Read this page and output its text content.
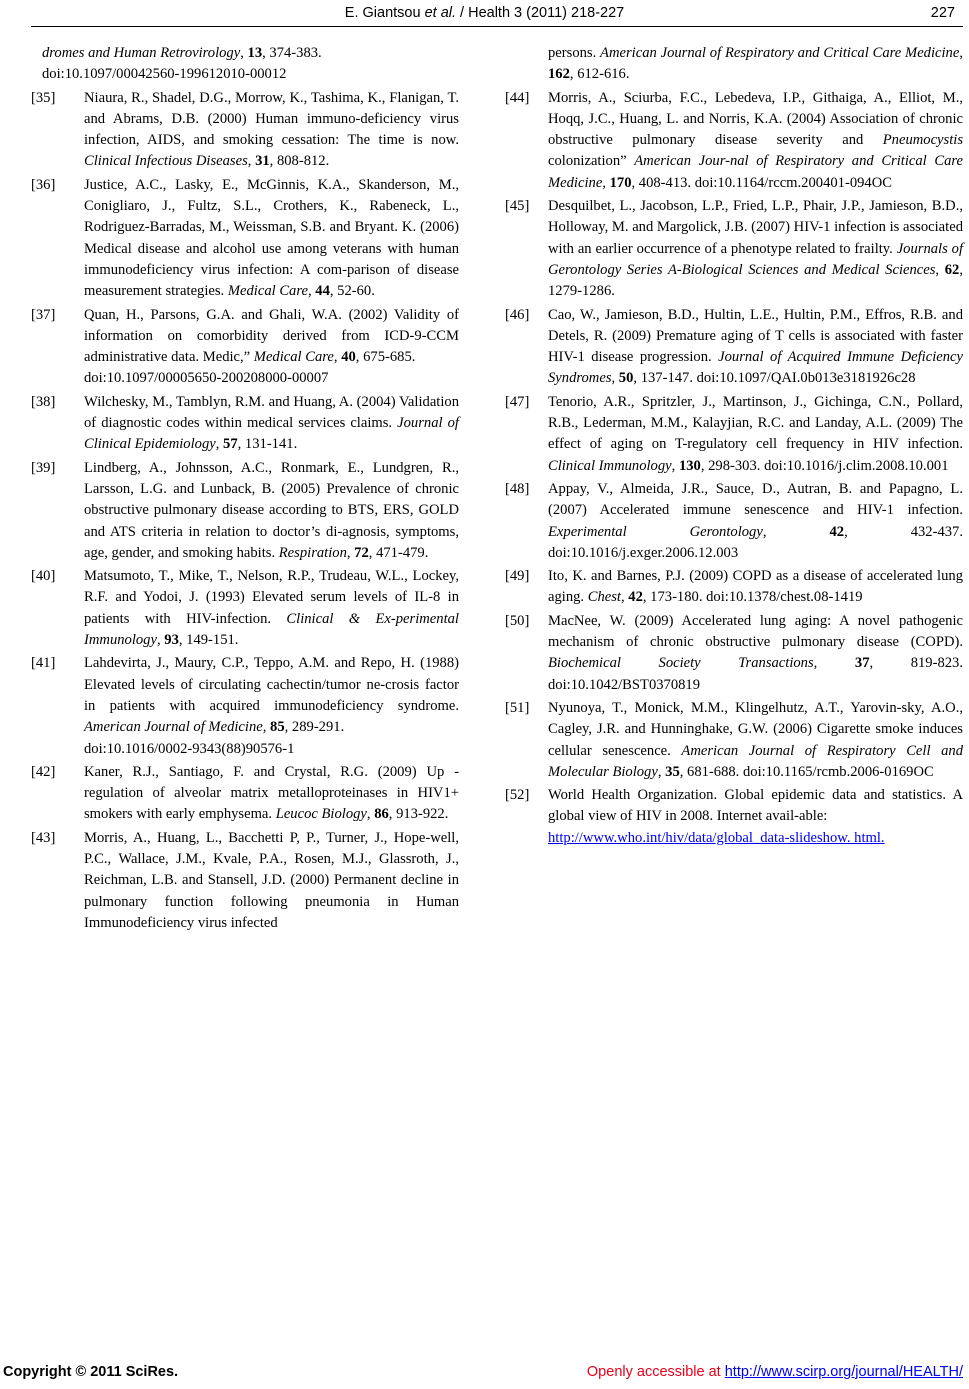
E. Giantsou et al. / Health 3 (2011) 218-227	227
dromes and Human Retrovirology, 13, 374-383.
doi:10.1097/00042560-199612010-00012
[35] Niaura, R., Shadel, D.G., Morrow, K., Tashima, K., Flanigan, T. and Abrams, D.B. (2000) Human immuno-deficiency virus infection, AIDS, and smoking cessation: The time is now. Clinical Infectious Diseases, 31, 808-812.
[36] Justice, A.C., Lasky, E., McGinnis, K.A., Skanderson, M., Conigliaro, J., Fultz, S.L., Crothers, K., Rabeneck, L., Rodriguez-Barradas, M., Weissman, S.B. and Bryant. K. (2006) Medical disease and alcohol use among veterans with human immunodeficiency virus infection: A com-parison of disease measurement strategies. Medical Care, 44, 52-60.
[37] Quan, H., Parsons, G.A. and Ghali, W.A. (2002) Validity of information on comorbidity derived from ICD-9-CCM administrative data. Medic,” Medical Care, 40, 675-685.
doi:10.1097/00005650-200208000-00007
[38] Wilchesky, M., Tamblyn, R.M. and Huang, A. (2004) Validation of diagnostic codes within medical services claims. Journal of Clinical Epidemiology, 57, 131-141.
[39] Lindberg, A., Johnsson, A.C., Ronmark, E., Lundgren, R., Larsson, L.G. and Lunback, B. (2005) Prevalence of chronic obstructive pulmonary disease according to BTS, ERS, GOLD and ATS criteria in relation to doctor’s di-agnosis, symptoms, age, gender, and smoking habits. Respiration, 72, 471-479.
[40] Matsumoto, T., Mike, T., Nelson, R.P., Trudeau, W.L., Lockey, R.F. and Yodoi, J. (1993) Elevated serum levels of IL-8 in patients with HIV-infection. Clinical & Ex-perimental Immunology, 93, 149-151.
[41] Lahdevirta, J., Maury, C.P., Teppo, A.M. and Repo, H. (1988) Elevated levels of circulating cachectin/tumor ne-crosis factor in patients with acquired immunodeficiency syndrome. American Journal of Medicine, 85, 289-291.
doi:10.1016/0002-9343(88)90576-1
[42] Kaner, R.J., Santiago, F. and Crystal, R.G. (2009) Up -regulation of alveolar matrix metalloproteinases in HIV1+ smokers with early emphysema. Leucoc Biology, 86, 913-922.
[43] Morris, A., Huang, L., Bacchetti P, P., Turner, J., Hope-well, P.C., Wallace, J.M., Kvale, P.A., Rosen, M.J., Glassroth, J., Reichman, L.B. and Stansell, J.D. (2000) Permanent decline in pulmonary function following pneumonia in Human Immunodeficiency virus infected
persons. American Journal of Respiratory and Critical Care Medicine, 162, 612-616.
[44] Morris, A., Sciurba, F.C., Lebedeva, I.P., Githaiga, A., Elliot, M., Hoqq, J.C., Huang, L. and Norris, K.A. (2004) Association of chronic obstructive pulmonary disease severity and Pneumocystis colonization” American Jour-nal of Respiratory and Critical Care Medicine, 170, 408-413. doi:10.1164/rccm.200401-094OC
[45] Desquilbet, L., Jacobson, L.P., Fried, L.P., Phair, J.P., Jamieson, B.D., Holloway, M. and Margolick, J.B. (2007) HIV-1 infection is associated with an earlier occurrence of a phenotype related to frailty. Journals of Gerontology Series A-Biological Sciences and Medical Sciences, 62, 1279-1286.
[46] Cao, W., Jamieson, B.D., Hultin, L.E., Hultin, P.M., Effros, R.B. and Detels, R. (2009) Premature aging of T cells is associated with faster HIV-1 disease progression. Journal of Acquired Immune Deficiency Syndromes, 50, 137-147. doi:10.1097/QAI.0b013e3181926c28
[47] Tenorio, A.R., Spritzler, J., Martinson, J., Gichinga, C.N., Pollard, R.B., Lederman, M.M., Kalayjian, R.C. and Landay, A.L. (2009) The effect of aging on T-regulatory cell frequency in HIV infection. Clinical Immunology, 130, 298-303. doi:10.1016/j.clim.2008.10.001
[48] Appay, V., Almeida, J.R., Sauce, D., Autran, B. and Papagno, L. (2007) Accelerated immune senescence and HIV-1 infection. Experimental Gerontology, 42, 432-437. doi:10.1016/j.exger.2006.12.003
[49] Ito, K. and Barnes, P.J. (2009) COPD as a disease of accelerated lung aging. Chest, 42, 173-180. doi:10.1378/chest.08-1419
[50] MacNee, W. (2009) Accelerated lung aging: A novel pathogenic mechanism of chronic obstructive pulmonary disease (COPD). Biochemical Society Transactions, 37, 819-823. doi:10.1042/BST0370819
[51] Nyunoya, T., Monick, M.M., Klingelhutz, A.T., Yarovin-sky, A.O., Cagley, J.R. and Hunninghake, G.W. (2006) Cigarette smoke induces cellular senescence. American Journal of Respiratory Cell and Molecular Biology, 35, 681-688. doi:10.1165/rcmb.2006-0169OC
[52] World Health Organization. Global epidemic data and statistics. A global view of HIV in 2008. Internet avail-able:
http://www.who.int/hiv/data/global_data-slideshow. html.
Copyright © 2011 SciRes.	Openly accessible at http://www.scirp.org/journal/HEALTH/
